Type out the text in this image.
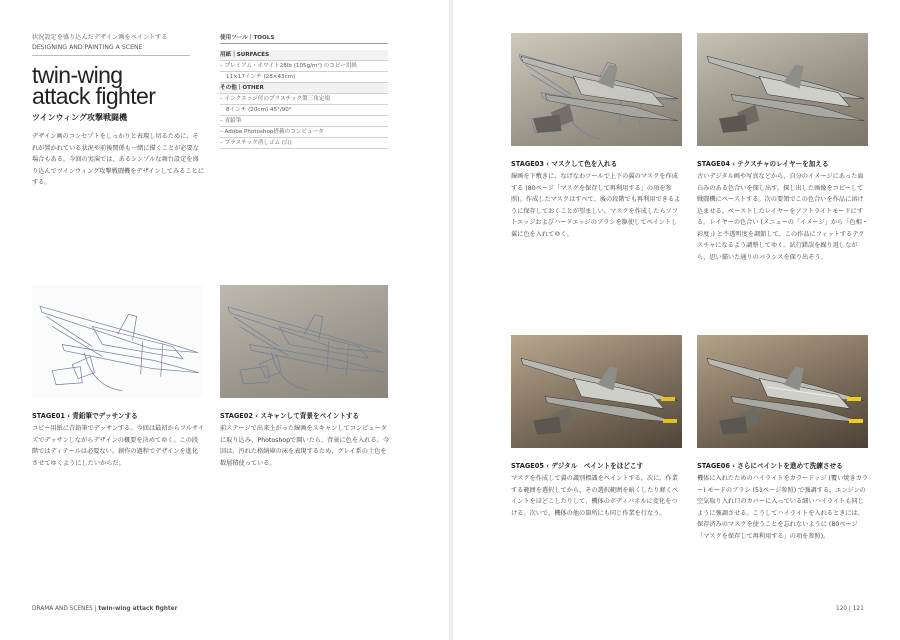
状況設定を盛り込んだデザイン画をペイントする
DESIGNING AND PAINTING A SCENE
twin-wing
attack fighter
ツインウィング攻撃戦闘機
デザイン画のコンセプトをしっかりと表現し切るために、それが置かれている状況や前後関係も一緒に描くことが必要な場合もある。今回の実演では、あるシンプルな舞台設定を盛り込んでツインウィング攻撃戦闘機をデザインしてみることにする。
使用ツール｜TOOLS
用紙｜SURFACES
– プレミアム・ホワイト28lb (105g/m²) のコピー用紙
11×17インチ (28×43cm)
その他｜OTHER
– インクエッジ付のプラスチック製三角定規
8インチ (20cm) 45°/90°
– 青鉛筆
– Adobe Photoshop搭載のコンピュータ
– プラスチック消しゴム (白)
STAGE01 ‹ 青鉛筆でデッサンする
コピー用紙に青鉛筆でデッサンする。今回は最初からフルサイズでデッサンしながらデザインの概要を決めてゆく。この段階ではディテールは必要ない。創作の過程でデザインを進化させてゆくようにしたいからだ。
STAGE02 ‹ スキャンして背景をペイントする
前ステージで出来上がった線画をスキャンしてコンピュータに取り込み、Photoshopで開いたら、背景に色を入れる。今回は、汚れた格納庫の床を表現するため、グレイ系の土色を数層積使っている。
DRAMA AND SCENES | twin-wing attack fighter
STAGE03 ‹ マスクして色を入れる
線画を下敷きに、なげなわツールで上下の翼のマスクを作成する (80ページ「マスクを保存して再利用する」の項を参照)。作成したマスクはすべて、後の段階でも再利用できるように保存しておくことが望ましい。マスクを作成したらソフトエッジおよびハードエッジのブラシを駆使してペイントし翼に色を入れてゆく。
STAGE04 ‹ テクスチャのレイヤーを加える
古いデジタル画や写真などから、自分のイメージにあった面白みのある色合いを探し出す。探し出した画像をコピーして戦闘機にペーストする。次の要領でこの色合いを作品に溶け込ませる。ペーストしたレイヤーをソフトライトモードにする。レイヤーの色合い (メニューの「イメージ」から「色相・彩度」) と不透明度を調節して、この作品にフィットするテクスチャになるよう調整してゆく。試行錯誤を繰り返しながら、思い描いた通りのバランスを探り出そう。
STAGE05 ‹ デジタル　ペイントをほどこす
マスクを作成して翼の識別標識をペイントする。次に、作業する範囲を選択してから、その選択範囲を暗くしたり軽くペイントをほどこしたりして、機体のボディパネルに変化をつける。次いで、機体の他の箇所にも同じ作業を行なう。
STAGE06 ‹ さらにペイントを進めて洗練させる
機体に入れたためのハイライトをカラードッジ (覆い焼きカラー) モードのブラシ (51ページ参照) で強調する。エンジンの空気取り入れ口のカバーに入っている細いハイライトも同じように強調させる。こうしてハイライトを入れるときには、保存済みのマスクを使うことを忘れないように (80ページ「マスクを保存して再利用する」の項を参照)。
120 | 121
